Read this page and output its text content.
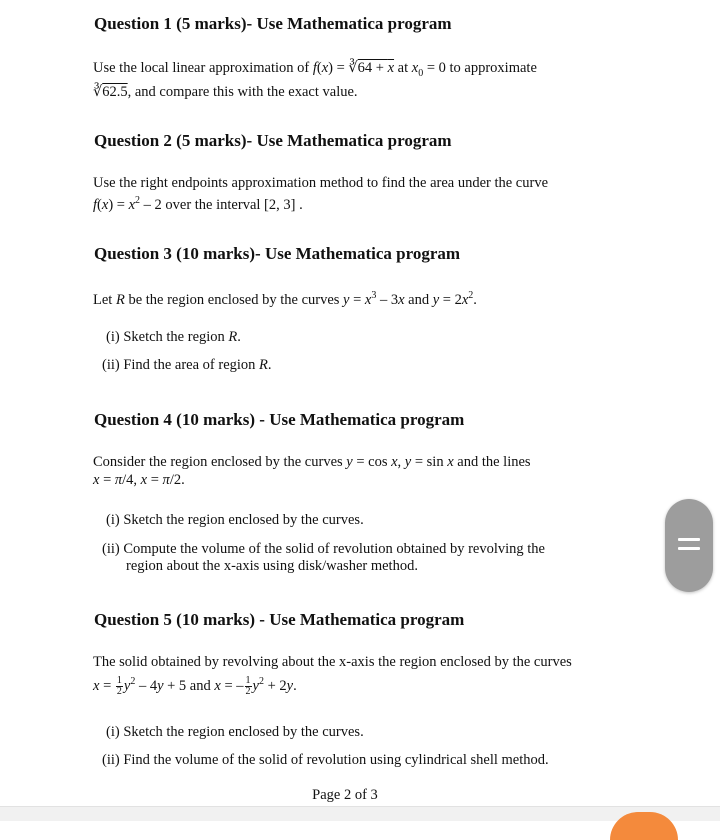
Question 1 (5 marks)- Use Mathematica program
Use the local linear approximation of f(x) = ∛64 + x at $x_0 = 0$ to approximate
∛62.5, and compare this with the exact value.
Question 2 (5 marks)- Use Mathematica program
Use the right endpoints approximation method to find the area under the curve
$f(x) = x^2 - 2$ over the interval [2, 3] .
Question 3 (10 marks)- Use Mathematica program
Let R be the region enclosed by the curves $y = x^3 - 3x$ and $y = 2x^2$.
(i) Sketch the region R.
(ii) Find the area of region R.
Question 4 (10 marks) - Use Mathematica program
Consider the region enclosed by the curves y = cos x, y = sin x and the lines
x = π/4, x = π/2.
(i) Sketch the region enclosed by the curves.
(ii) Compute the volume of the solid of revolution obtained by revolving the
region about the x-axis using disk/washer method.
Question 5 (10 marks) - Use Mathematica program
The solid obtained by revolving about the x-axis the region enclosed by the curves
$x = \frac{1}{2} y^2 - 4y + 5$ and x = – $\frac{1}{2} y^2 + 2y$.
(i) Sketch the region enclosed by the curves.
(ii) Find the volume of the solid of revolution using cylindrical shell method.
Page 2 of 3
